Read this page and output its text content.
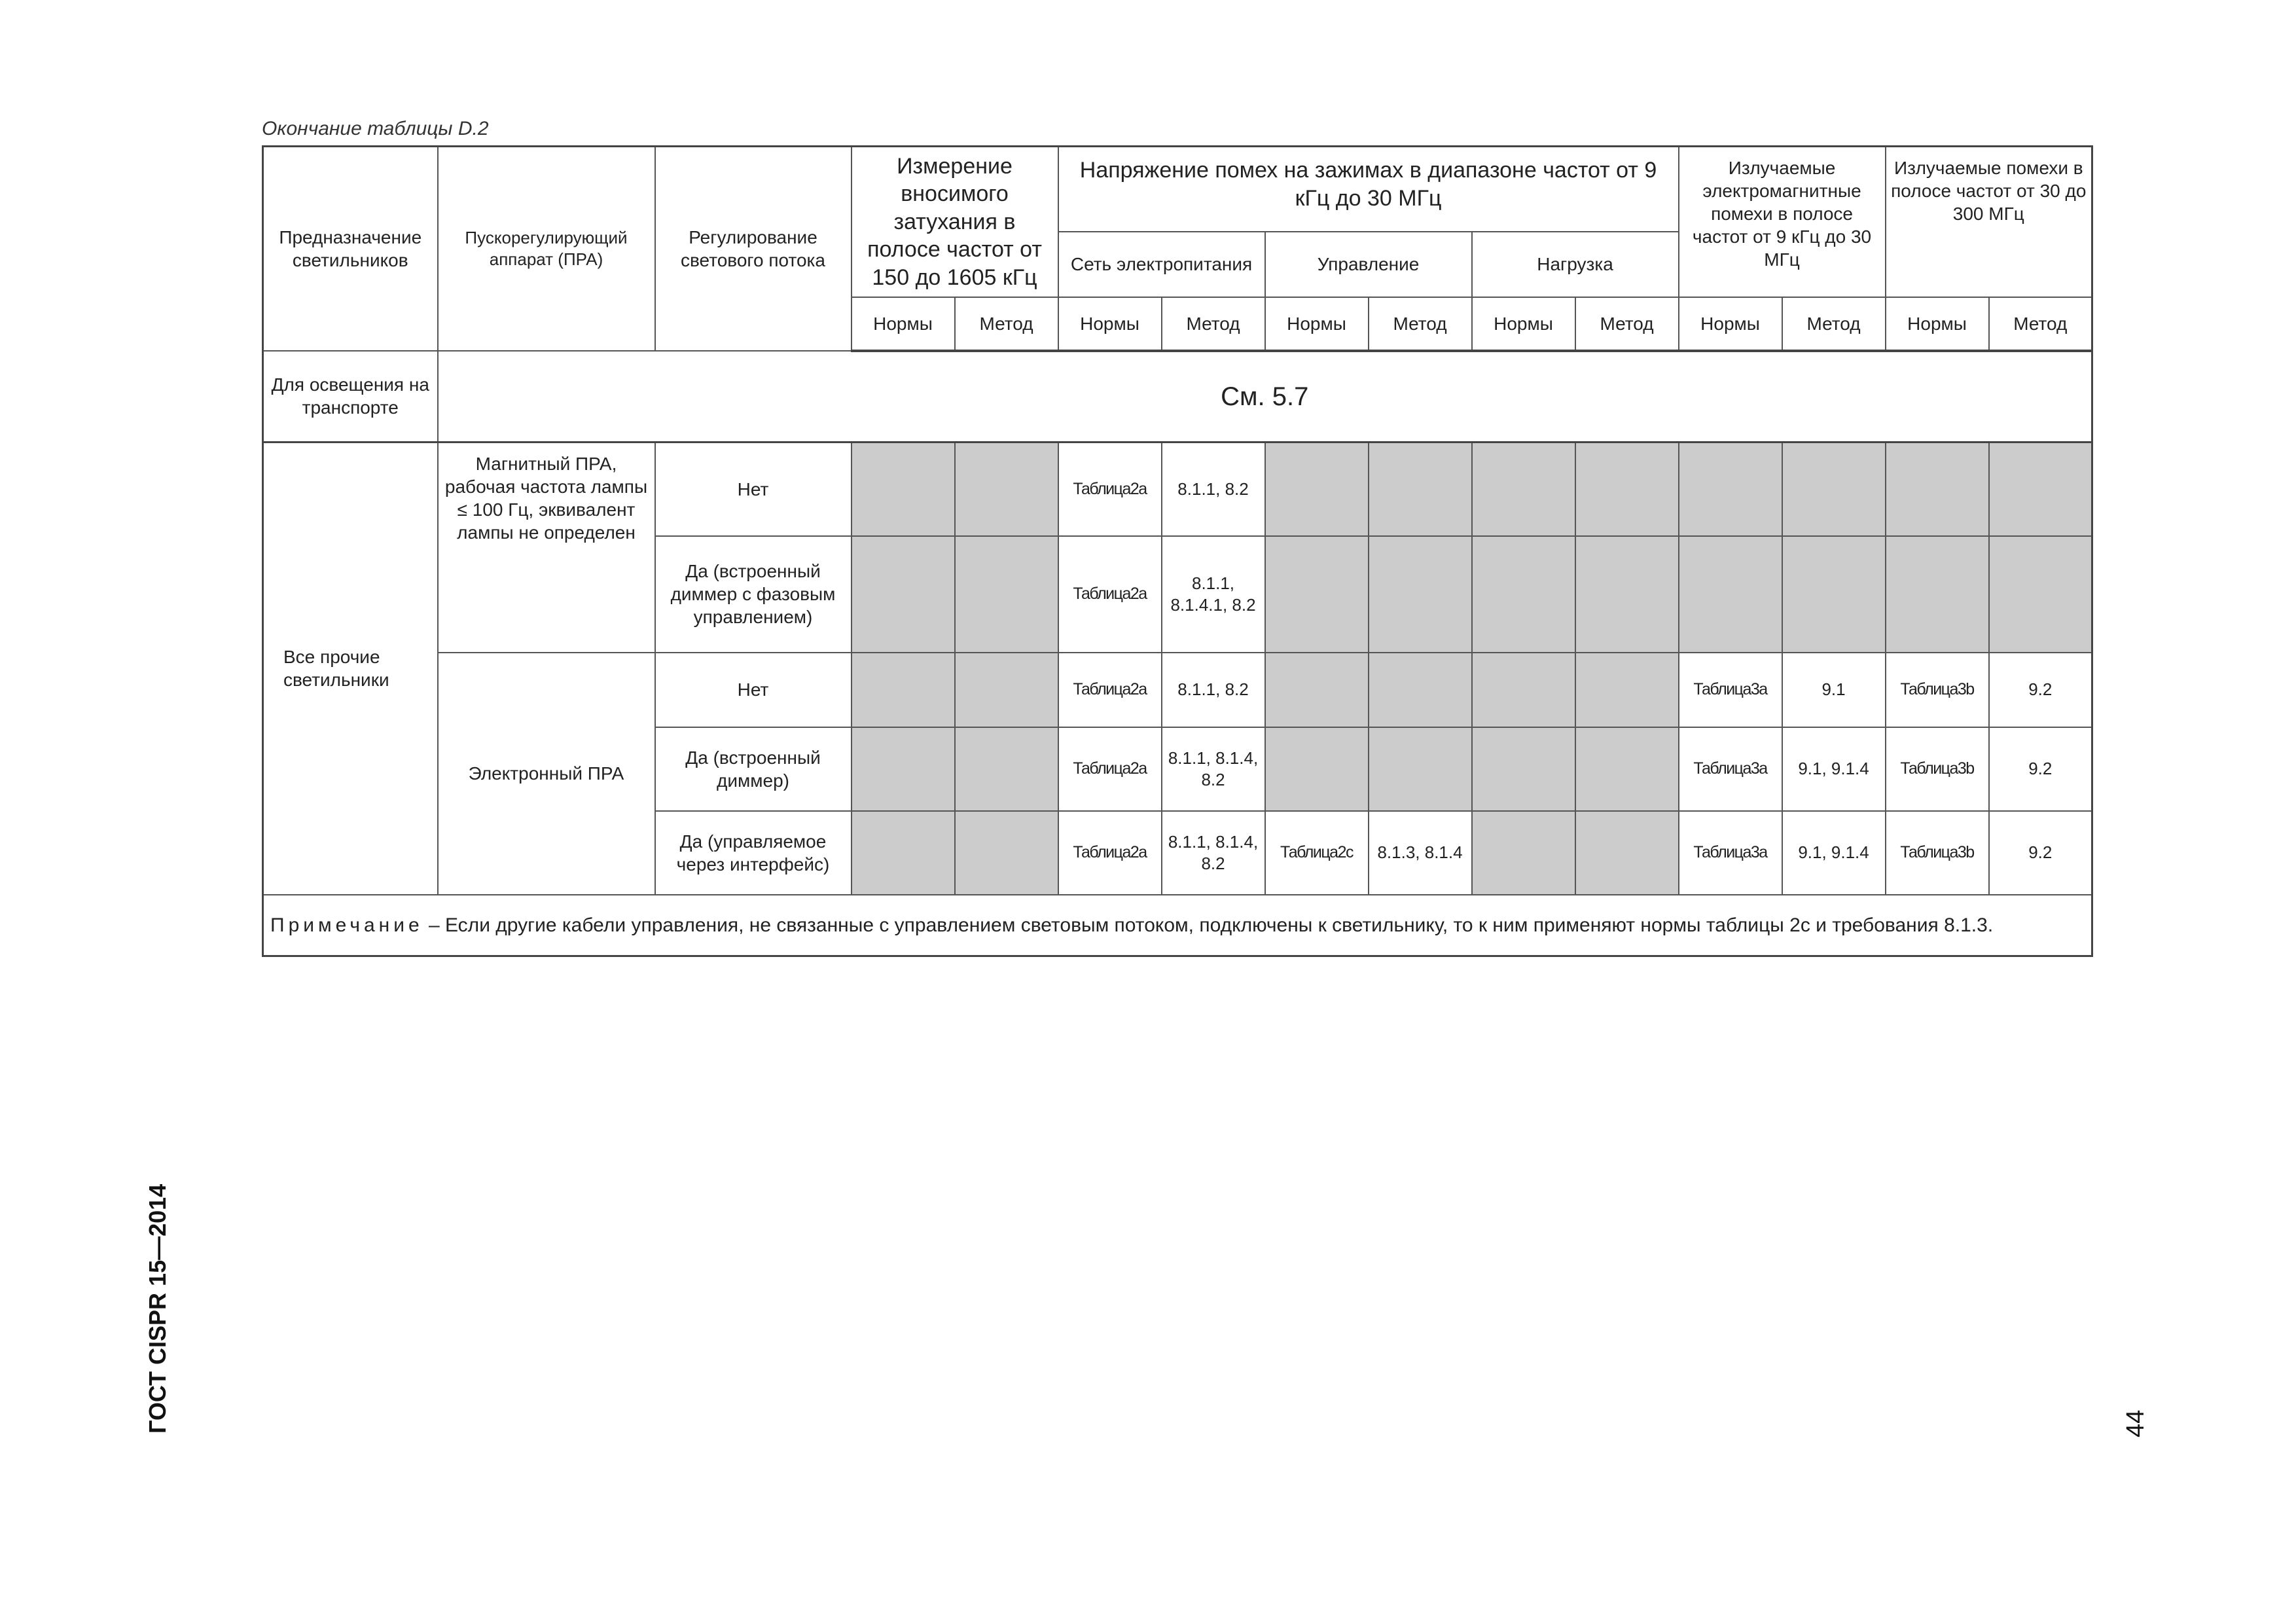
Окончание таблицы D.2
Предназначение светильников	Пускорегулирующий аппарат (ПРА)	Регулирование светового потока	Измерение вносимого затухания в полосе частот от 150 до 1605 кГц		Напряжение помех на зажимах в диапазоне частот от 9 кГц до 30 МГц						Излучаемые электромагнитные помехи в полосе частот от 9 кГц до 30 МГц		Излучаемые помехи в полосе частот от 30 до 300 МГц	
					Сеть электропитания		Управление		Нагрузка					
			Нормы	Метод	Нормы	Метод	Нормы	Метод	Нормы	Метод	Нормы	Метод	Нормы	Метод
Для освещения на транспорте	См. 5.7													
Все прочие светильники	Магнитный ПРА, рабочая частота лампы ≤ 100 Гц, эквивалент лампы не определен	Нет			Таблица2a	8.1.1, 8.2								
		Да (встроенный диммер с фазовым управлением)			Таблица2a	8.1.1, 8.1.4.1, 8.2								
	Электронный ПРА	Нет			Таблица2a	8.1.1, 8.2					Таблица3a	9.1	Таблица3b	9.2
		Да (встроенный диммер)			Таблица2a	8.1.1, 8.1.4, 8.2					Таблица3a	9.1, 9.1.4	Таблица3b	9.2
		Да (управляемое через интерфейс)			Таблица2a	8.1.1, 8.1.4, 8.2	Таблица2c	8.1.3, 8.1.4			Таблица3a	9.1, 9.1.4	Таблица3b	9.2
Примечание – Если другие кабели управления, не связанные с управлением световым потоком, подключены к светильнику, то к ним применяют нормы таблицы 2с и требования 8.1.3.														
ГОСТ CISPR 15—2014	44
